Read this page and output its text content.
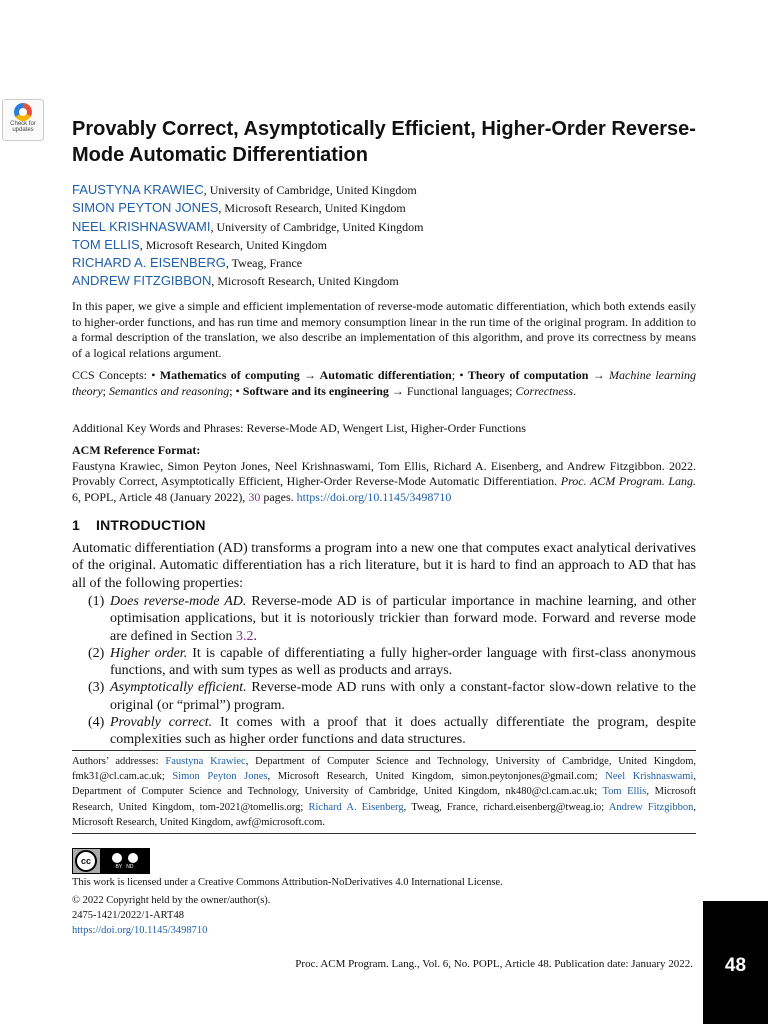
Check for
updates	Provably Correct, Asymptotically Efficient, Higher-Order Reverse-Mode Automatic Differentiation
FAUSTYNA KRAWIEC, University of Cambridge, United Kingdom
SIMON PEYTON JONES, Microsoft Research, United Kingdom
NEEL KRISHNASWAMI, University of Cambridge, United Kingdom
TOM ELLIS, Microsoft Research, United Kingdom
RICHARD A. EISENBERG, Tweag, France
ANDREW FITZGIBBON, Microsoft Research, United Kingdom
In this paper, we give a simple and efficient implementation of reverse-mode automatic differentiation, which both extends easily to higher-order functions, and has run time and memory consumption linear in the run time of the original program. In addition to a formal description of the translation, we also describe an implementation of this algorithm, and prove its correctness by means of a logical relations argument.
CCS Concepts: • Mathematics of computing → Automatic differentiation; • Theory of computation → Machine learning theory; Semantics and reasoning; • Software and its engineering → Functional languages; Correctness.
Additional Key Words and Phrases: Reverse-Mode AD, Wengert List, Higher-Order Functions
ACM Reference Format:
Faustyna Krawiec, Simon Peyton Jones, Neel Krishnaswami, Tom Ellis, Richard A. Eisenberg, and Andrew Fitzgibbon. 2022. Provably Correct, Asymptotically Efficient, Higher-Order Reverse-Mode Automatic Differentiation. Proc. ACM Program. Lang. 6, POPL, Article 48 (January 2022), 30 pages. https://doi.org/10.1145/3498710
1 INTRODUCTION
Automatic differentiation (AD) transforms a program into a new one that computes exact analytical derivatives of the original. Automatic differentiation has a rich literature, but it is hard to find an approach to AD that has all of the following properties:
(1) Does reverse-mode AD. Reverse-mode AD is of particular importance in machine learning, and other optimisation applications, but it is notoriously trickier than forward mode. Forward and reverse mode are defined in Section 3.2.
(2) Higher order. It is capable of differentiating a fully higher-order language with first-class anonymous functions, and with sum types as well as products and arrays.
(3) Asymptotically efficient. Reverse-mode AD runs with only a constant-factor slow-down relative to the original (or “primal”) program.
(4) Provably correct. It comes with a proof that it does actually differentiate the program, despite complexities such as higher order functions and data structures.
Authors’ addresses: Faustyna Krawiec, Department of Computer Science and Technology, University of Cambridge, United Kingdom, fmk31@cl.cam.ac.uk; Simon Peyton Jones, Microsoft Research, United Kingdom, simon.peytonjones@gmail.com; Neel Krishnaswami, Department of Computer Science and Technology, University of Cambridge, United Kingdom, nk480@cl.cam.ac.uk; Tom Ellis, Microsoft Research, United Kingdom, tom-2021@tomellis.org; Richard A. Eisenberg, Tweag, France, richard.eisenberg@tweag.io; Andrew Fitzgibbon, Microsoft Research, United Kingdom, awf@microsoft.com.
cc
BY ND
This work is licensed under a Creative Commons Attribution-NoDerivatives 4.0 International License.
© 2022 Copyright held by the owner/author(s).
2475-1421/2022/1-ART48
https://doi.org/10.1145/3498710
Proc. ACM Program. Lang., Vol. 6, No. POPL, Article 48. Publication date: January 2022.	48
